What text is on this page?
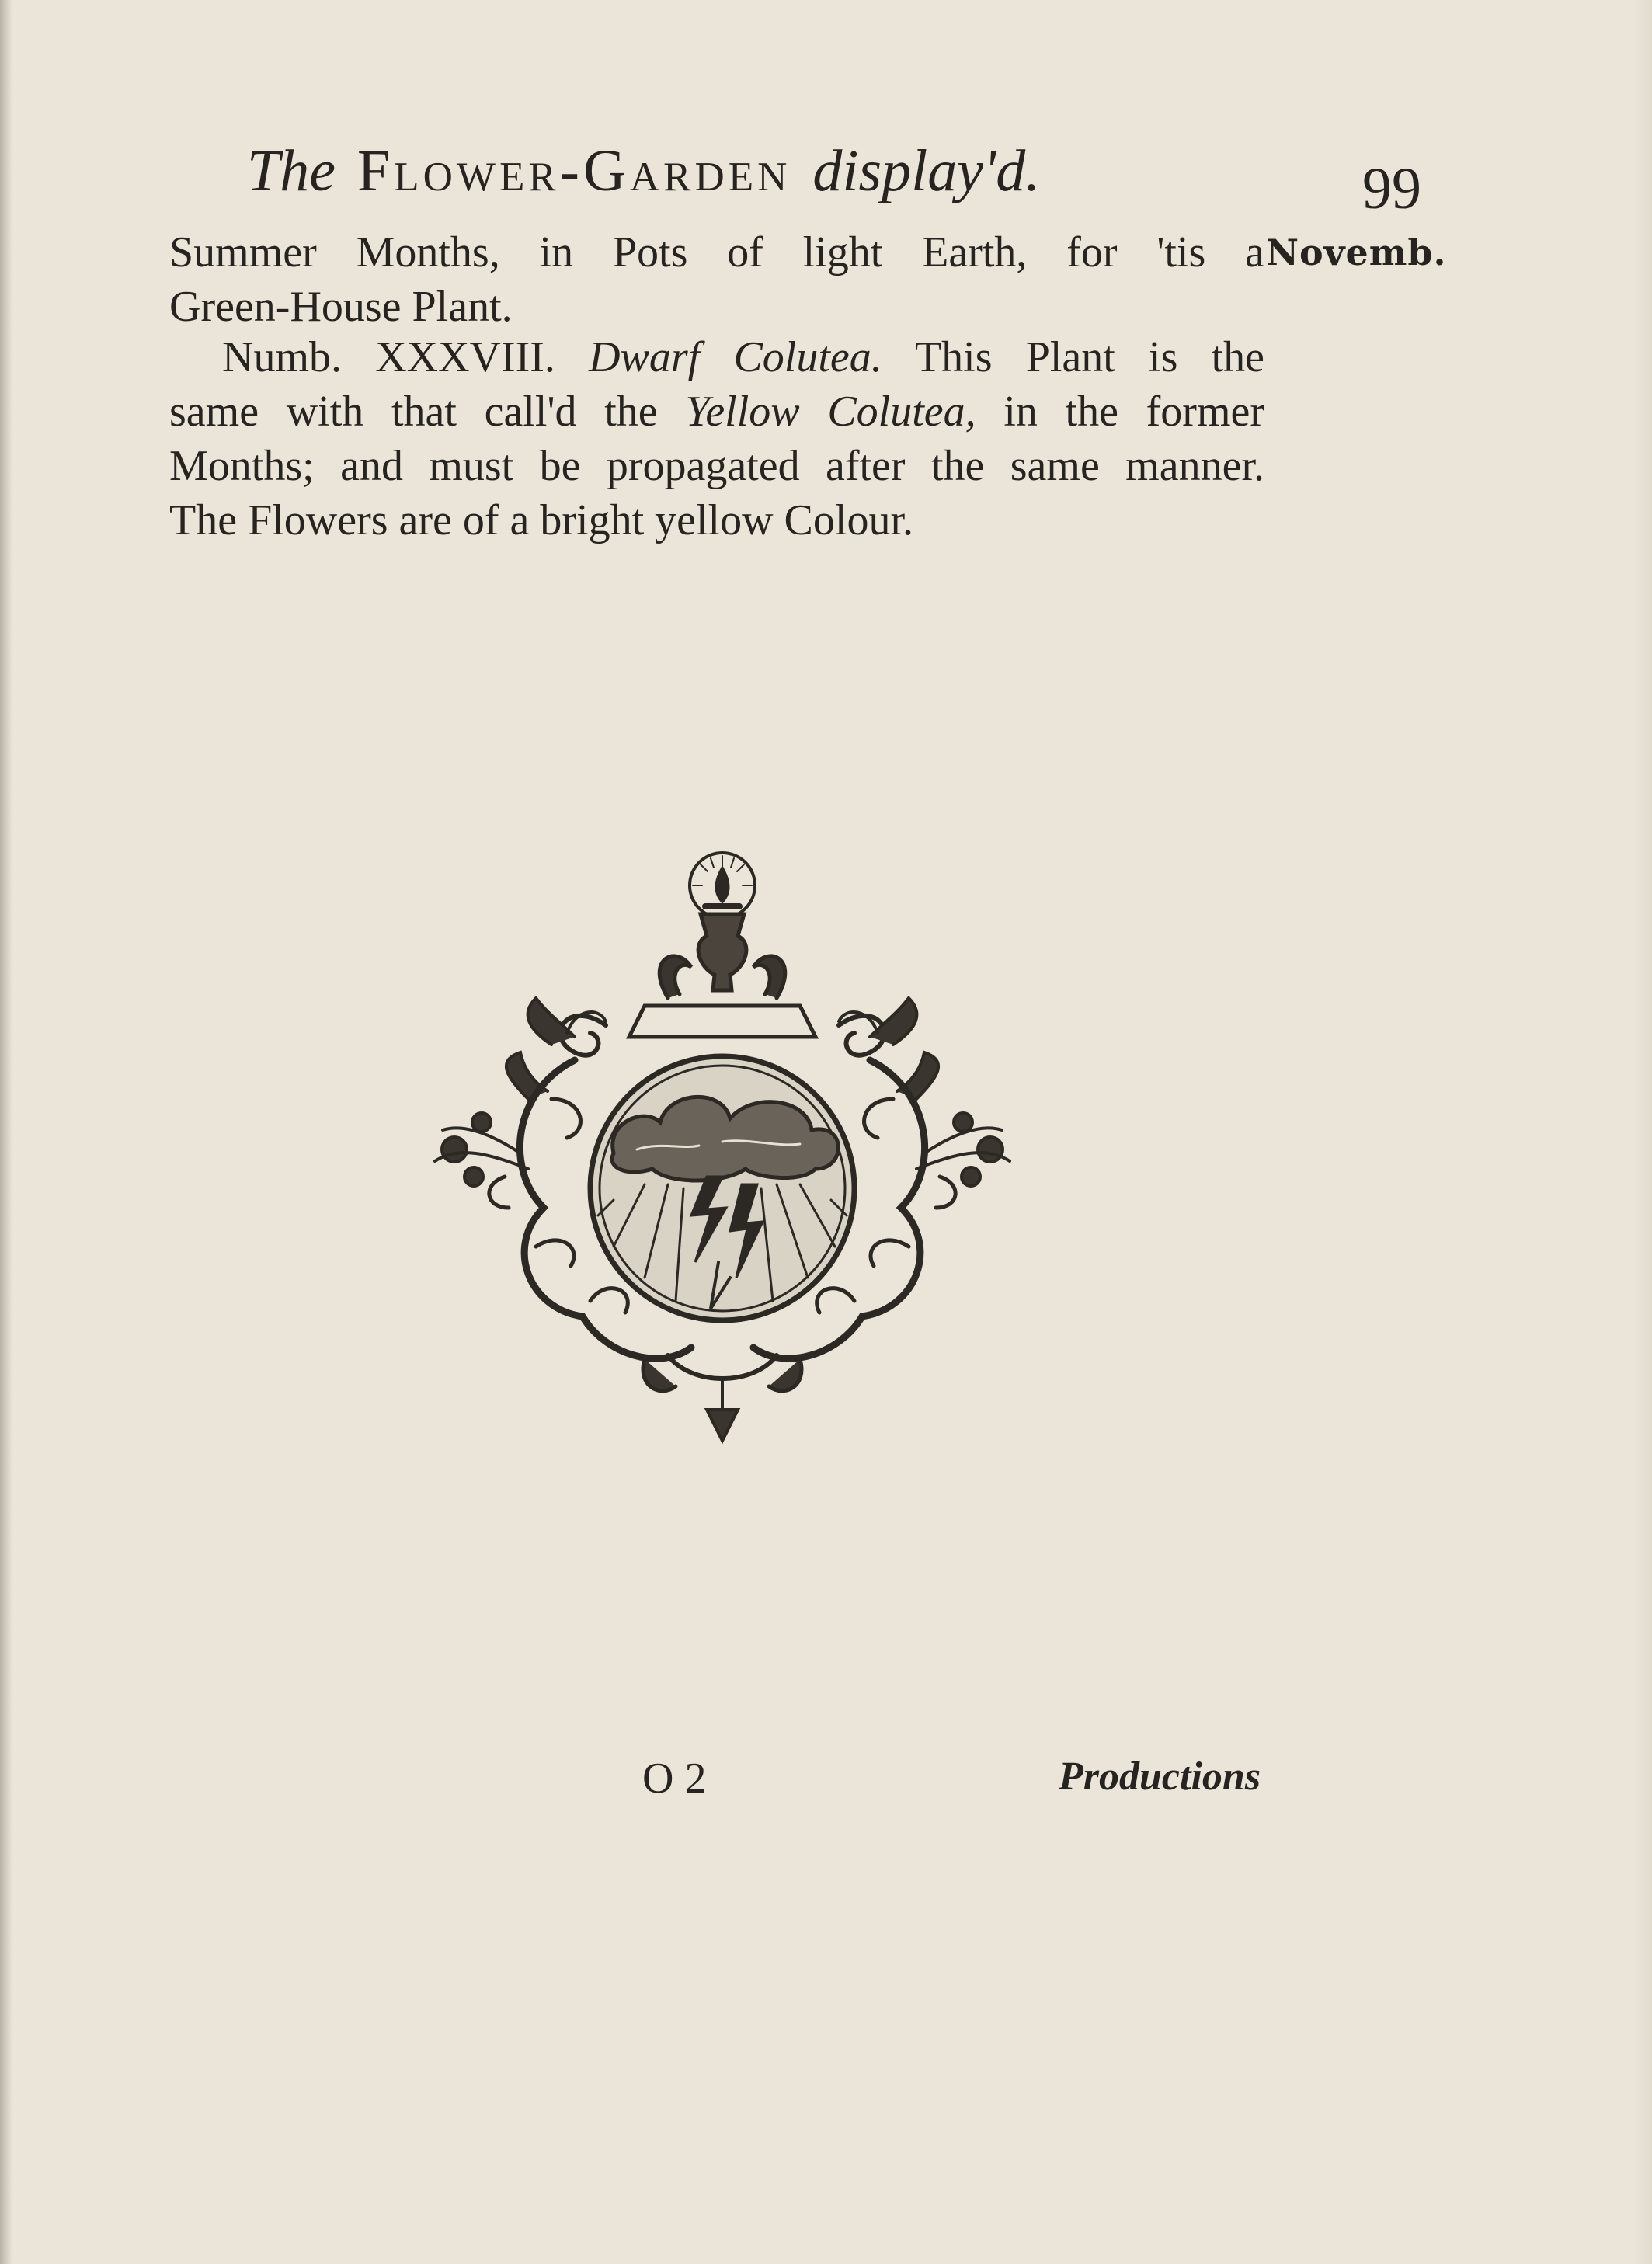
The Flower-Garden display'd.	99
Summer Months, in Pots of light Earth, for 'tis a
Green-House Plant.
Novemb.
Numb. XXXVIII. Dwarf Colutea. This Plant is the
same with that call'd the Yellow Colutea, in the former
Months; and must be propagated after the same manner.
The Flowers are of a bright yellow Colour.
O 2	Productions
